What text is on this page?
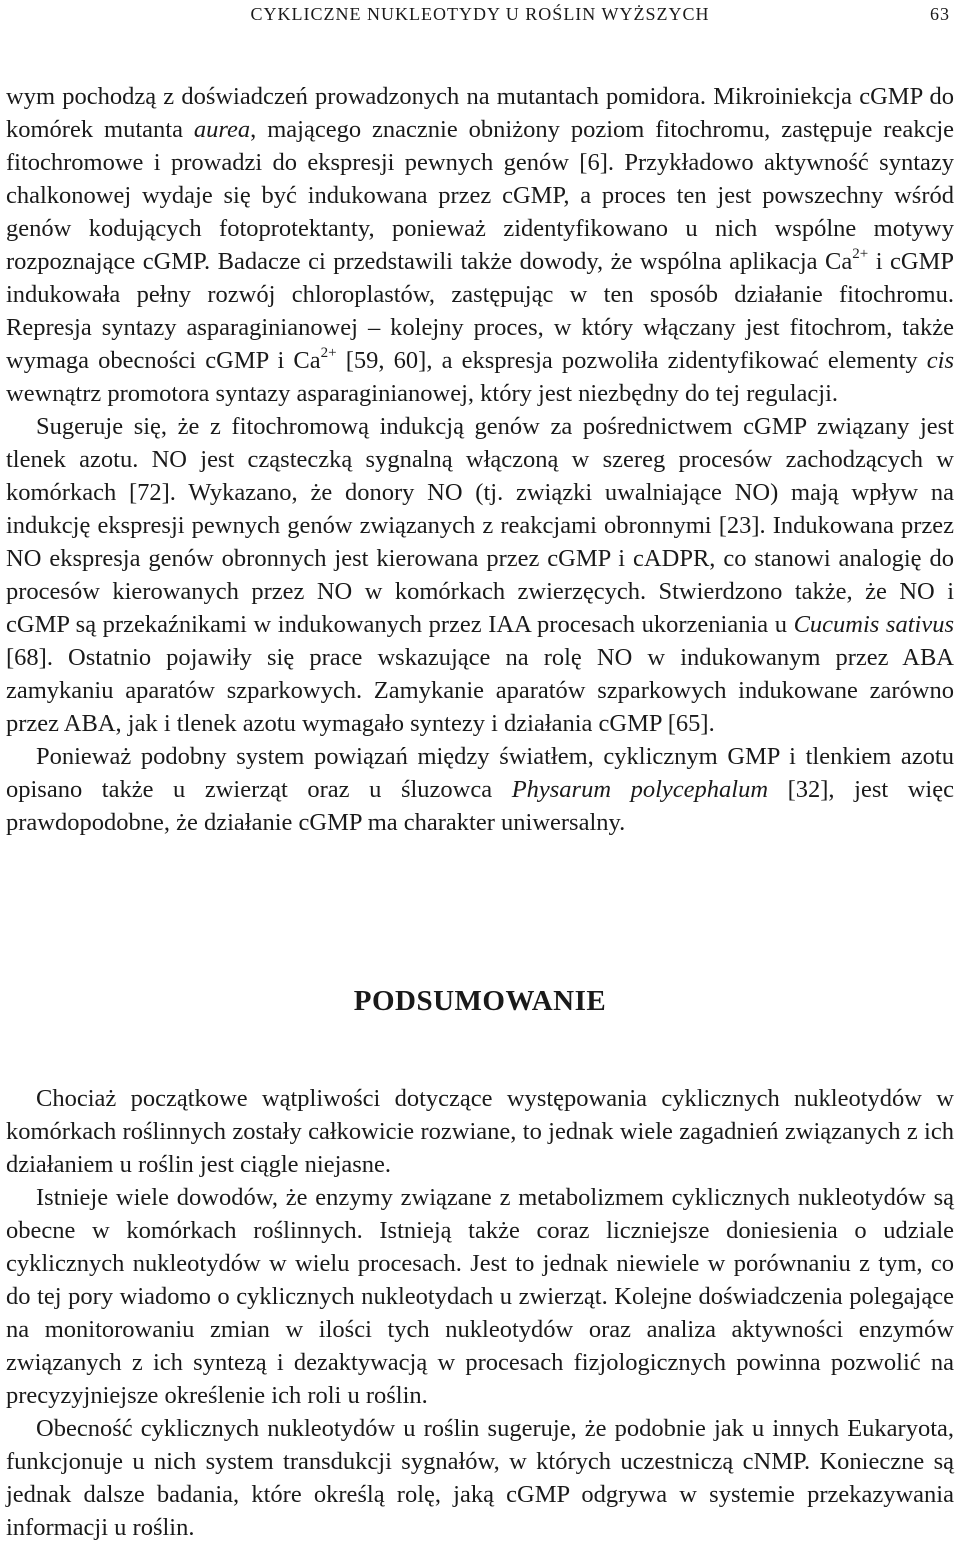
CYKLICZNE NUKLEOTYDY U ROŚLIN WYŻSZYCH	63

wym pochodzą z doświadczeń prowadzonych na mutantach pomidora. Mikroiniekcja cGMP do komórek mutanta aurea, mającego znacznie obniżony poziom fitochromu, zastępuje reakcje fitochromowe i prowadzi do ekspresji pewnych genów [6]. Przykładowo aktywność syntazy chalkonowej wydaje się być indukowana przez cGMP, a proces ten jest powszechny wśród genów kodujących fotoprotektanty, ponieważ zidentyfikowano u nich wspólne motywy rozpoznające cGMP. Badacze ci przedstawili także dowody, że wspólna aplikacja $Ca^{2+}$ i cGMP indukowała pełny rozwój chloroplastów, zastępując w ten sposób działanie fitochromu. Represja syntazy asparaginianowej – kolejny proces, w który włączany jest fitochrom, także wymaga obecności cGMP i $Ca^{2+}$ [59, 60], a ekspresja pozwoliła zidentyfikować elementy cis wewnątrz promotora syntazy asparaginianowej, który jest niezbędny do tej regulacji.

Sugeruje się, że z fitochromową indukcją genów za pośrednictwem cGMP związany jest tlenek azotu. NO jest cząsteczką sygnalną włączoną w szereg procesów zachodzących w komórkach [72]. Wykazano, że donory NO (tj. związki uwalniające NO) mają wpływ na indukcję ekspresji pewnych genów związanych z reakcjami obronnymi [23]. Indukowana przez NO ekspresja genów obronnych jest kierowana przez cGMP i cADPR, co stanowi analogię do procesów kierowanych przez NO w komórkach zwierzęcych. Stwierdzono także, że NO i cGMP są przekaźnikami w indukowanych przez IAA procesach ukorzeniania u Cucumis sativus [68]. Ostatnio pojawiły się prace wskazujące na rolę NO w indukowanym przez ABA zamykaniu aparatów szparkowych. Zamykanie aparatów szparkowych indukowane zarówno przez ABA, jak i tlenek azotu wymagało syntezy i działania cGMP [65].

Ponieważ podobny system powiązań między światłem, cyklicznym GMP i tlenkiem azotu opisano także u zwierząt oraz u śluzowca Physarum polycephalum [32], jest więc prawdopodobne, że działanie cGMP ma charakter uniwersalny.

PODSUMOWANIE

Chociaż początkowe wątpliwości dotyczące występowania cyklicznych nukleotydów w komórkach roślinnych zostały całkowicie rozwiane, to jednak wiele zagadnień związanych z ich działaniem u roślin jest ciągle niejasne.

Istnieje wiele dowodów, że enzymy związane z metabolizmem cyklicznych nukleotydów są obecne w komórkach roślinnych. Istnieją także coraz liczniejsze doniesienia o udziale cyklicznych nukleotydów w wielu procesach. Jest to jednak niewiele w porównaniu z tym, co do tej pory wiadomo o cyklicznych nukleotydach u zwierząt. Kolejne doświadczenia polegające na monitorowaniu zmian w ilości tych nukleotydów oraz analiza aktywności enzymów związanych z ich syntezą i dezaktywacją w procesach fizjologicznych powinna pozwolić na precyzyjniejsze określenie ich roli u roślin.

Obecność cyklicznych nukleotydów u roślin sugeruje, że podobnie jak u innych Eukaryota, funkcjonuje u nich system transdukcji sygnałów, w których uczestniczą cNMP. Konieczne są jednak dalsze badania, które określą rolę, jaką cGMP odgrywa w systemie przekazywania informacji u roślin.
